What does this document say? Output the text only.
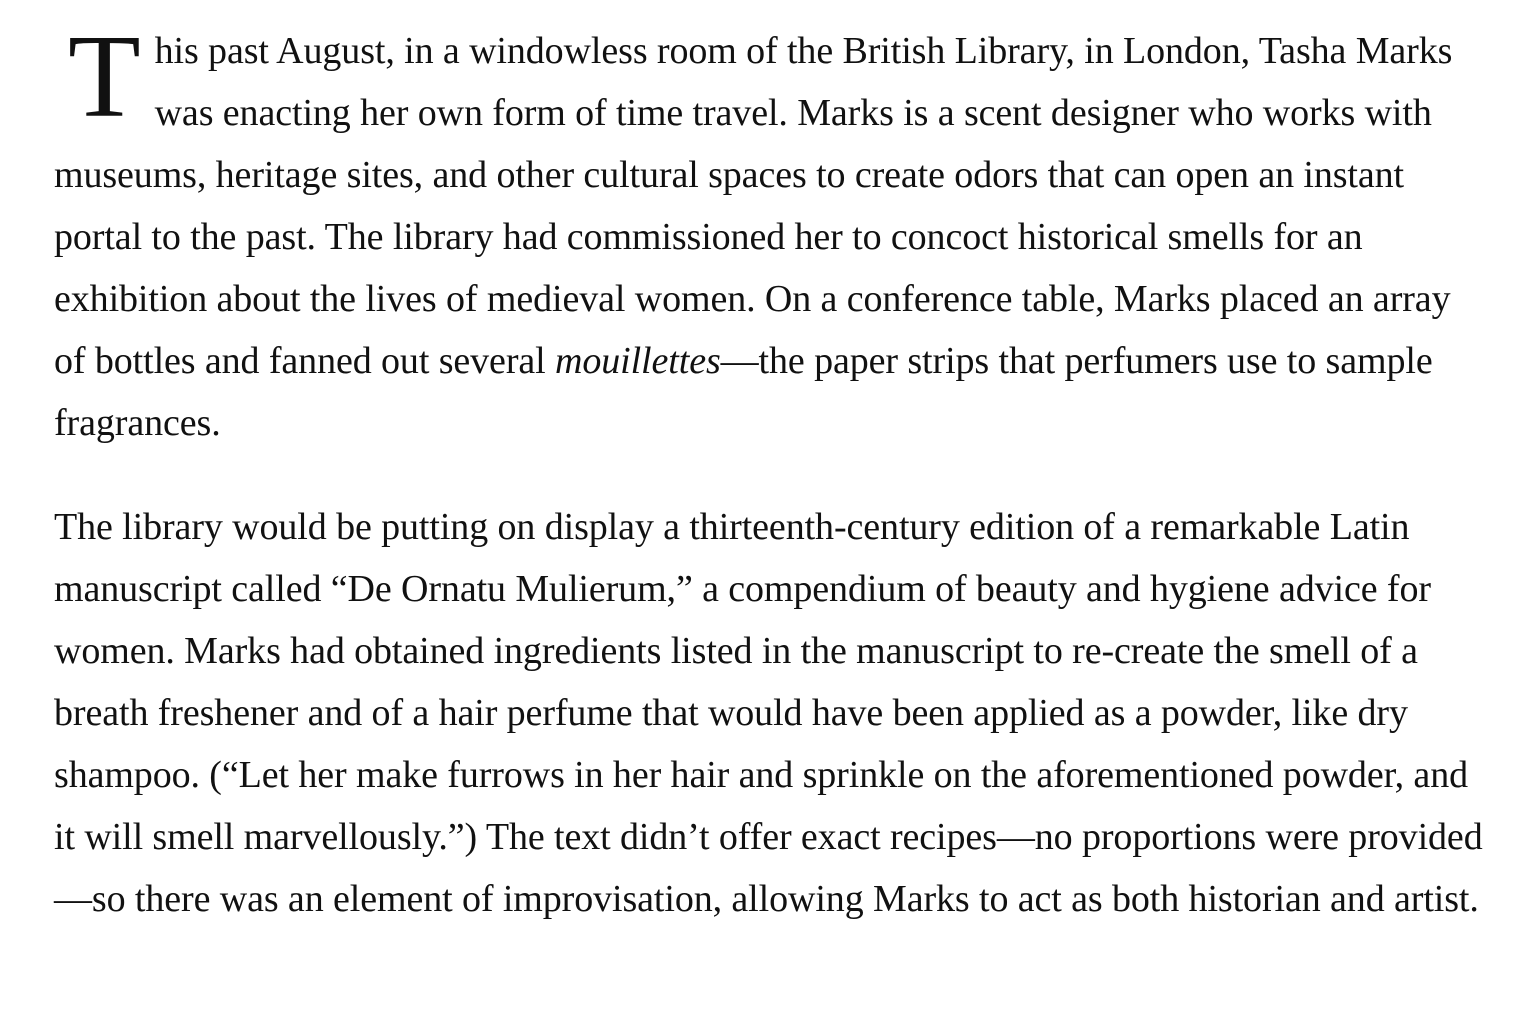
This past August, in a windowless room of the British Library, in London, Tasha Marks was enacting her own form of time travel. Marks is a scent designer who works with museums, heritage sites, and other cultural spaces to create odors that can open an instant portal to the past. The library had commissioned her to concoct historical smells for an exhibition about the lives of medieval women. On a conference table, Marks placed an array of bottles and fanned out several mouillettes—the paper strips that perfumers use to sample fragrances.

The library would be putting on display a thirteenth-century edition of a remarkable Latin manuscript called “De Ornatu Mulierum,” a compendium of beauty and hygiene advice for women. Marks had obtained ingredients listed in the manuscript to re-create the smell of a breath freshener and of a hair perfume that would have been applied as a powder, like dry shampoo. (“Let her make furrows in her hair and sprinkle on the aforementioned powder, and it will smell marvellously.”) The text didn’t offer exact recipes—no proportions were provided—so there was an element of improvisation, allowing Marks to act as both historian and artist.
